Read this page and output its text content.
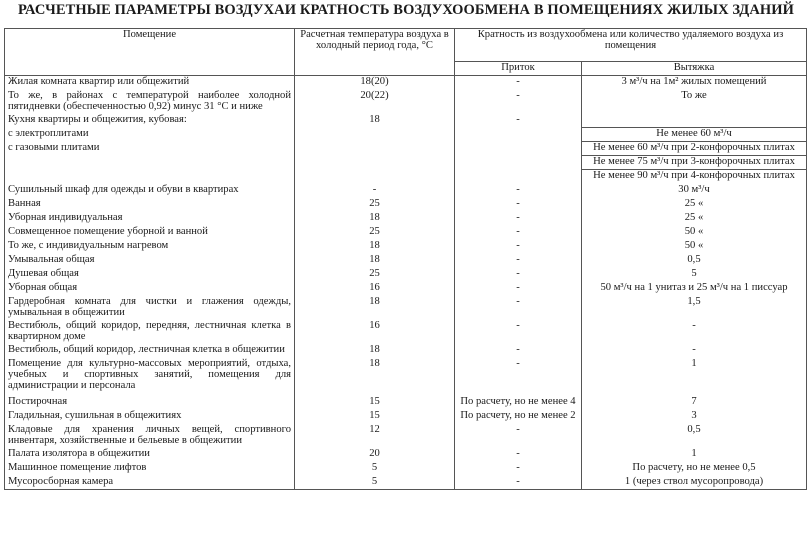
РАСЧЕТНЫЕ ПАРАМЕТРЫ ВОЗДУХАИ КРАТНОСТЬ ВОЗДУХООБМЕНА В ПОМЕЩЕНИЯХ ЖИЛЫХ ЗДАНИЙ
Помещение	Расчетная температура воздуха в холодный период года, °С	Кратность из воздухообмена или количество удаляемого воздуха из помещения	
		Приток	Вытяжка
Жилая комната квартир или общежитий	18(20)	-	3 м³/ч на 1м² жилых помещений
То же, в районах с температурой наиболее холодной пятидневки (обеспеченностью 0,92) минус 31 °С и ниже	20(22)	-	То же
Кухня квартиры и общежития, кубовая:	18	-	
с электроплитами			Не менее 60 м³/ч
с газовыми плитами			Не менее 60 м³/ч при 2-конфорочных плитах
			Не менее 75 м³/ч при 3-конфорочных плитах
			Не менее 90 м³/ч при 4-конфорочных плитах
Сушильный шкаф для одежды и обуви в квартирах	-	-	30 м³/ч
Ванная	25	-	25 «
Уборная индивидуальная	18	-	25 «
Совмещенное помещение уборной и ванной	25	-	50 «
То же, с индивидуальным нагревом	18	-	50 «
Умывальная общая	18	-	0,5
Душевая общая	25	-	5
Уборная общая	16	-	50 м³/ч на 1 унитаз и 25 м³/ч на 1 писсуар
Гардеробная комната для чистки и глажения одежды, умывальная в общежитии	18	-	1,5
Вестибюль, общий коридор, передняя, лестничная клетка в квартирном доме	16	-	-
Вестибюль, общий коридор, лестничная клетка в общежитии	18	-	-
Помещение для культурно-массовых мероприятий, отдыха, учебных и спортивных занятий, помещения для администрации и персонала	18	-	1
Постирочная	15	По расчету, но не менее 4	7
Гладильная, сушильная в общежитиях	15	По расчету, но не менее 2	3
Кладовые для хранения личных вещей, спортивного инвентаря, хозяйственные и бельевые в общежитии	12	-	0,5
Палата изолятора в общежитии	20	-	1
Машинное помещение лифтов	5	-	По расчету, но не менее 0,5
Мусоросборная камера	5	-	1 (через ствол мусоропровода)
